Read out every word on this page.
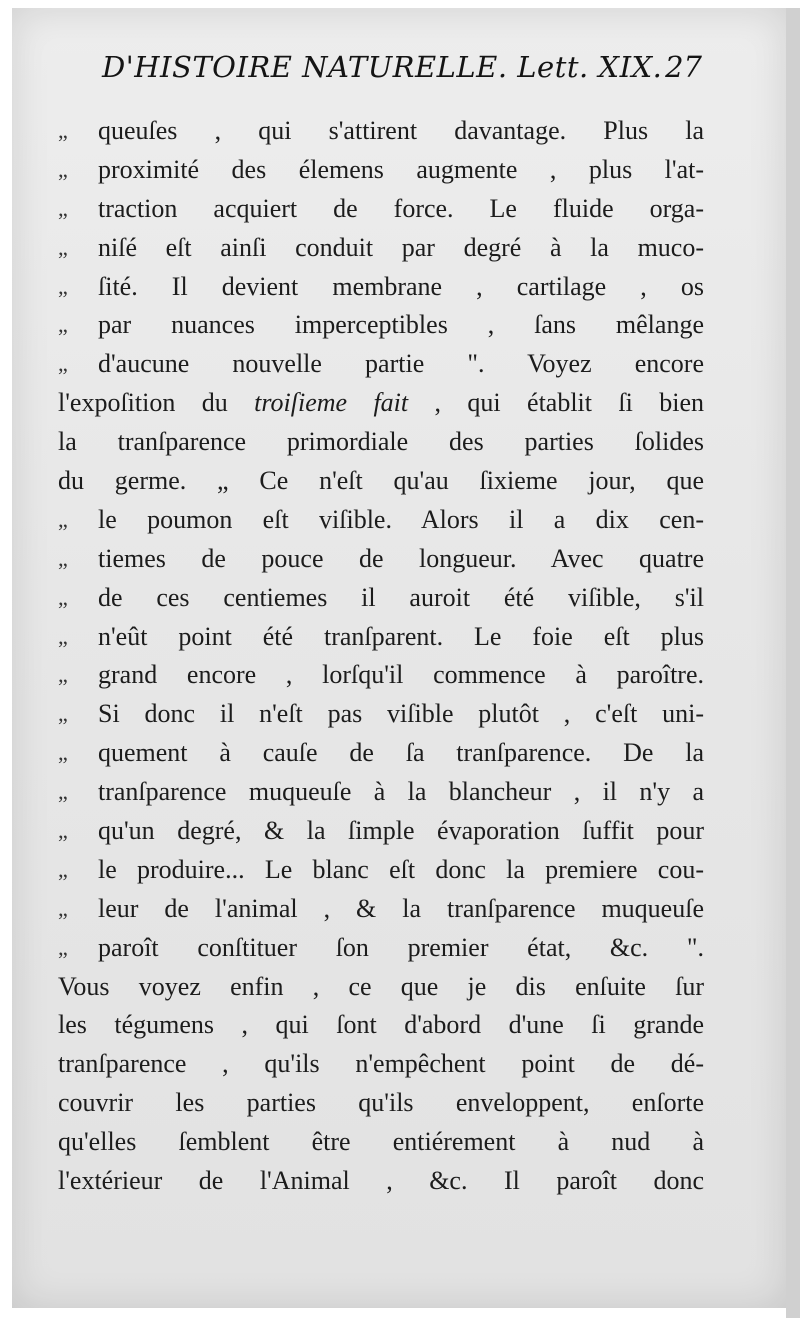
D'HISTOIRE NATURELLE. Lett. XIX. 27
„	queuſes , qui s'attirent davantage. Plus la
„	proximité des élemens augmente , plus l'at-
„	traction acquiert de force. Le fluide orga-
„	niſé eſt ainſi conduit par degré à la muco-
„	ſité. Il devient membrane , cartilage , os
„	par nuances imperceptibles , ſans mêlange
„	d'aucune nouvelle partie ". Voyez encore
l'expoſition du troiſieme fait , qui établit ſi bien
la tranſparence primordiale des parties ſolides
du germe. „ Ce n'eſt qu'au ſixieme jour, que
„	le poumon eſt viſible. Alors il a dix cen-
„	tiemes de pouce de longueur. Avec quatre
„	de ces centiemes il auroit été viſible, s'il
„	n'eût point été tranſparent. Le foie eſt plus
„	grand encore , lorſqu'il commence à paroître.
„	Si donc il n'eſt pas viſible plutôt , c'eſt uni-
„	quement à cauſe de ſa tranſparence. De la
„	tranſparence muqueuſe à la blancheur , il n'y a
„	qu'un degré, & la ſimple évaporation ſuffit pour
„	le produire... Le blanc eſt donc la premiere cou-
„	leur de l'animal , & la tranſparence muqueuſe
„	paroît conſtituer ſon premier état, &c. ".
Vous voyez enfin , ce que je dis enſuite ſur
les tégumens , qui ſont d'abord d'une ſi grande
tranſparence , qu'ils n'empêchent point de dé-
couvrir les parties qu'ils enveloppent, enſorte
qu'elles ſemblent être entiérement à nud à
l'extérieur de l'Animal , &c. Il paroît donc
